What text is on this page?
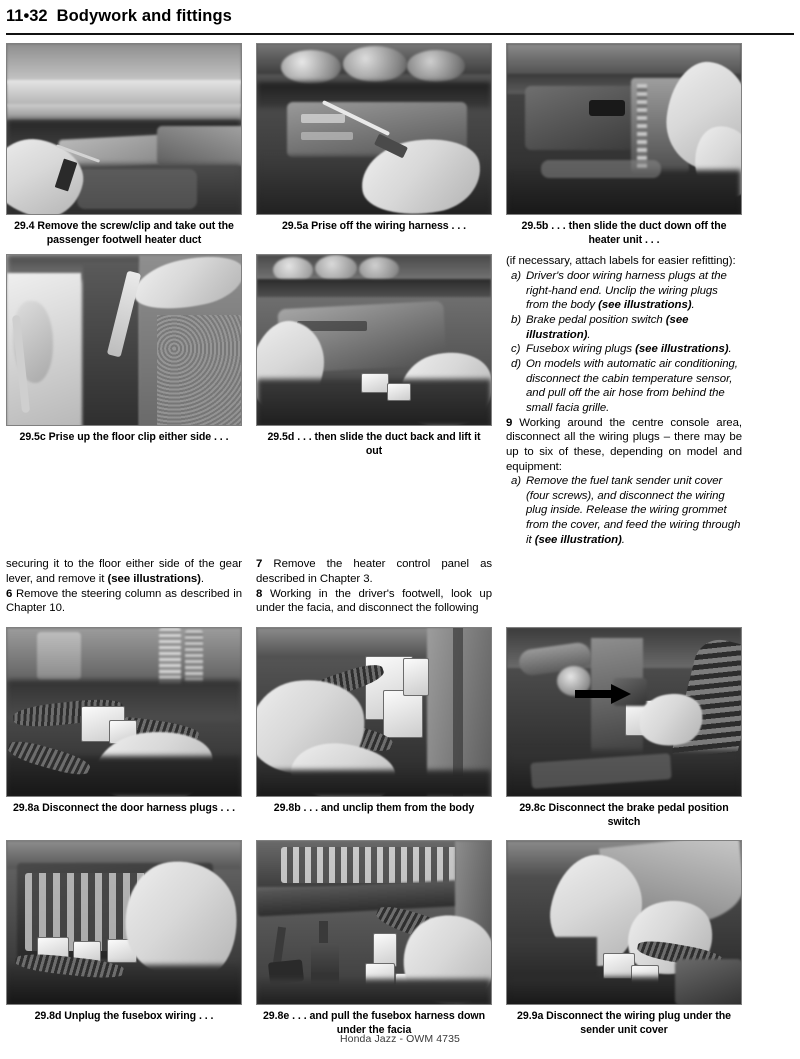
11•32 Bodywork and fittings
29.4 Remove the screw/clip and take out the passenger footwell heater duct
29.5a Prise off the wiring harness . . .	29.5b . . . then slide the duct down off the heater unit . . .
29.5c Prise up the floor clip either side . . .	29.5d . . . then slide the duct back and lift it out

(if necessary, attach labels for easier refitting):

a) Driver's door wiring harness plugs at the right-hand end. Unclip the wiring plugs from the body (see illustrations).
b) Brake pedal position switch (see illustration).
c) Fusebox wiring plugs (see illustrations).
d) On models with automatic air conditioning, disconnect the cabin temperature sensor, and pull off the air hose from behind the small facia grille.

9 Working around the centre console area, disconnect all the wiring plugs – there may be up to six of these, depending on model and equipment:

a) Remove the fuel tank sender unit cover (four screws), and disconnect the wiring plug inside. Release the wiring grommet from the cover, and feed the wiring through it (see illustration).

securing it to the floor either side of the gear lever, and remove it (see illustrations).

6 Remove the steering column as described in Chapter 10.

7 Remove the heater control panel as described in Chapter 3.

8 Working in the driver's footwell, look up under the facia, and disconnect the following

29.8a Disconnect the door harness plugs . . .	29.8b . . . and unclip them from the body	29.8c Disconnect the brake pedal position switch
29.8d Unplug the fusebox wiring . . .	29.8e . . . and pull the fusebox harness down under the facia
29.9a Disconnect the wiring plug under the sender unit cover
Honda Jazz - OWM 4735
